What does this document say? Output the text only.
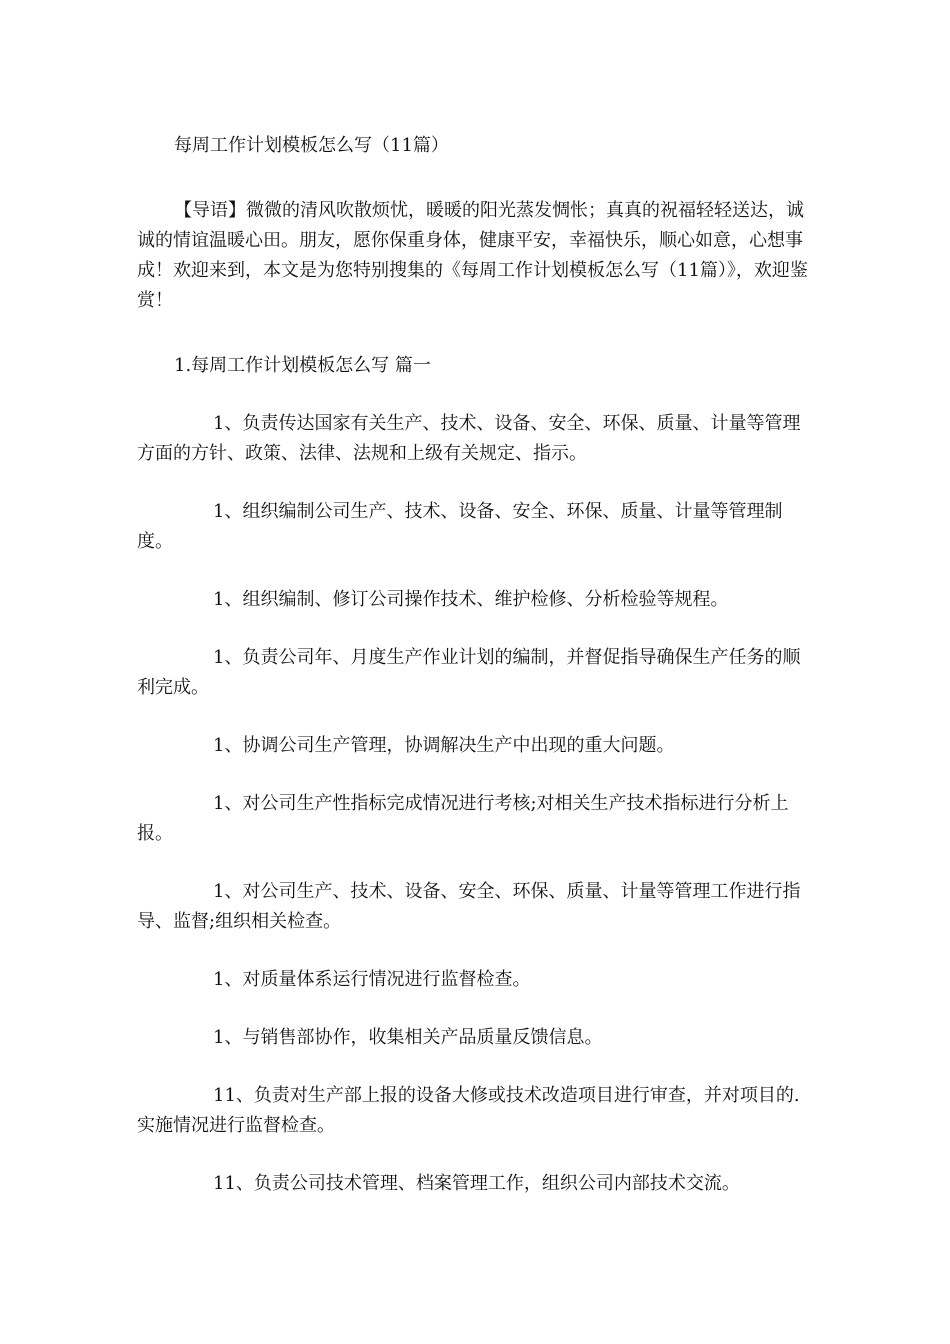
每周工作计划模板怎么写（11篇）

【导语】微微的清风吹散烦忧，暖暖的阳光蒸发惆怅；真真的祝福轻轻送达，诚诚的情谊温暖心田。朋友，愿你保重身体，健康平安，幸福快乐，顺心如意，心想事成！欢迎来到，本文是为您特别搜集的《每周工作计划模板怎么写（11篇）》，欢迎鉴赏！

1.每周工作计划模板怎么写 篇一

1、负责传达国家有关生产、技术、设备、安全、环保、质量、计量等管理方面的方针、政策、法律、法规和上级有关规定、指示。

1、组织编制公司生产、技术、设备、安全、环保、质量、计量等管理制度。

1、组织编制、修订公司操作技术、维护检修、分析检验等规程。

1、负责公司年、月度生产作业计划的编制，并督促指导确保生产任务的顺利完成。

1、协调公司生产管理，协调解决生产中出现的重大问题。

1、对公司生产性指标完成情况进行考核;对相关生产技术指标进行分析上报。

1、对公司生产、技术、设备、安全、环保、质量、计量等管理工作进行指导、监督;组织相关检查。

1、对质量体系运行情况进行监督检查。

1、与销售部协作，收集相关产品质量反馈信息。

11、负责对生产部上报的设备大修或技术改造项目进行审查，并对项目的.实施情况进行监督检查。

11、负责公司技术管理、档案管理工作，组织公司内部技术交流。
